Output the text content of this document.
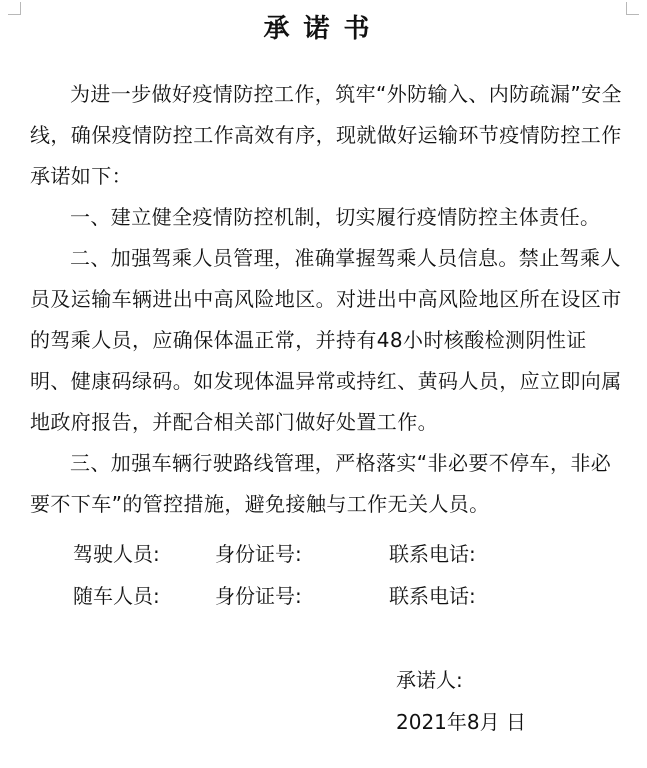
承诺书

为进一步做好疫情防控工作，筑牢“外防输入、内防疏漏”安全线，确保疫情防控工作高效有序，现就做好运输环节疫情防控工作承诺如下：

一、建立健全疫情防控机制，切实履行疫情防控主体责任。

二、加强驾乘人员管理，准确掌握驾乘人员信息。禁止驾乘人员及运输车辆进出中高风险地区。对进出中高风险地区所在设区市的驾乘人员，应确保体温正常，并持有48小时核酸检测阴性证明、健康码绿码。如发现体温异常或持红、黄码人员，应立即向属地政府报告，并配合相关部门做好处置工作。

三、加强车辆行驶路线管理，严格落实“非必要不停车，非必要不下车”的管控措施，避免接触与工作无关人员。

驾驶人员:	身份证号:	联系电话:
随车人员:	身份证号:	联系电话:
承诺人:
2021年8月 日
